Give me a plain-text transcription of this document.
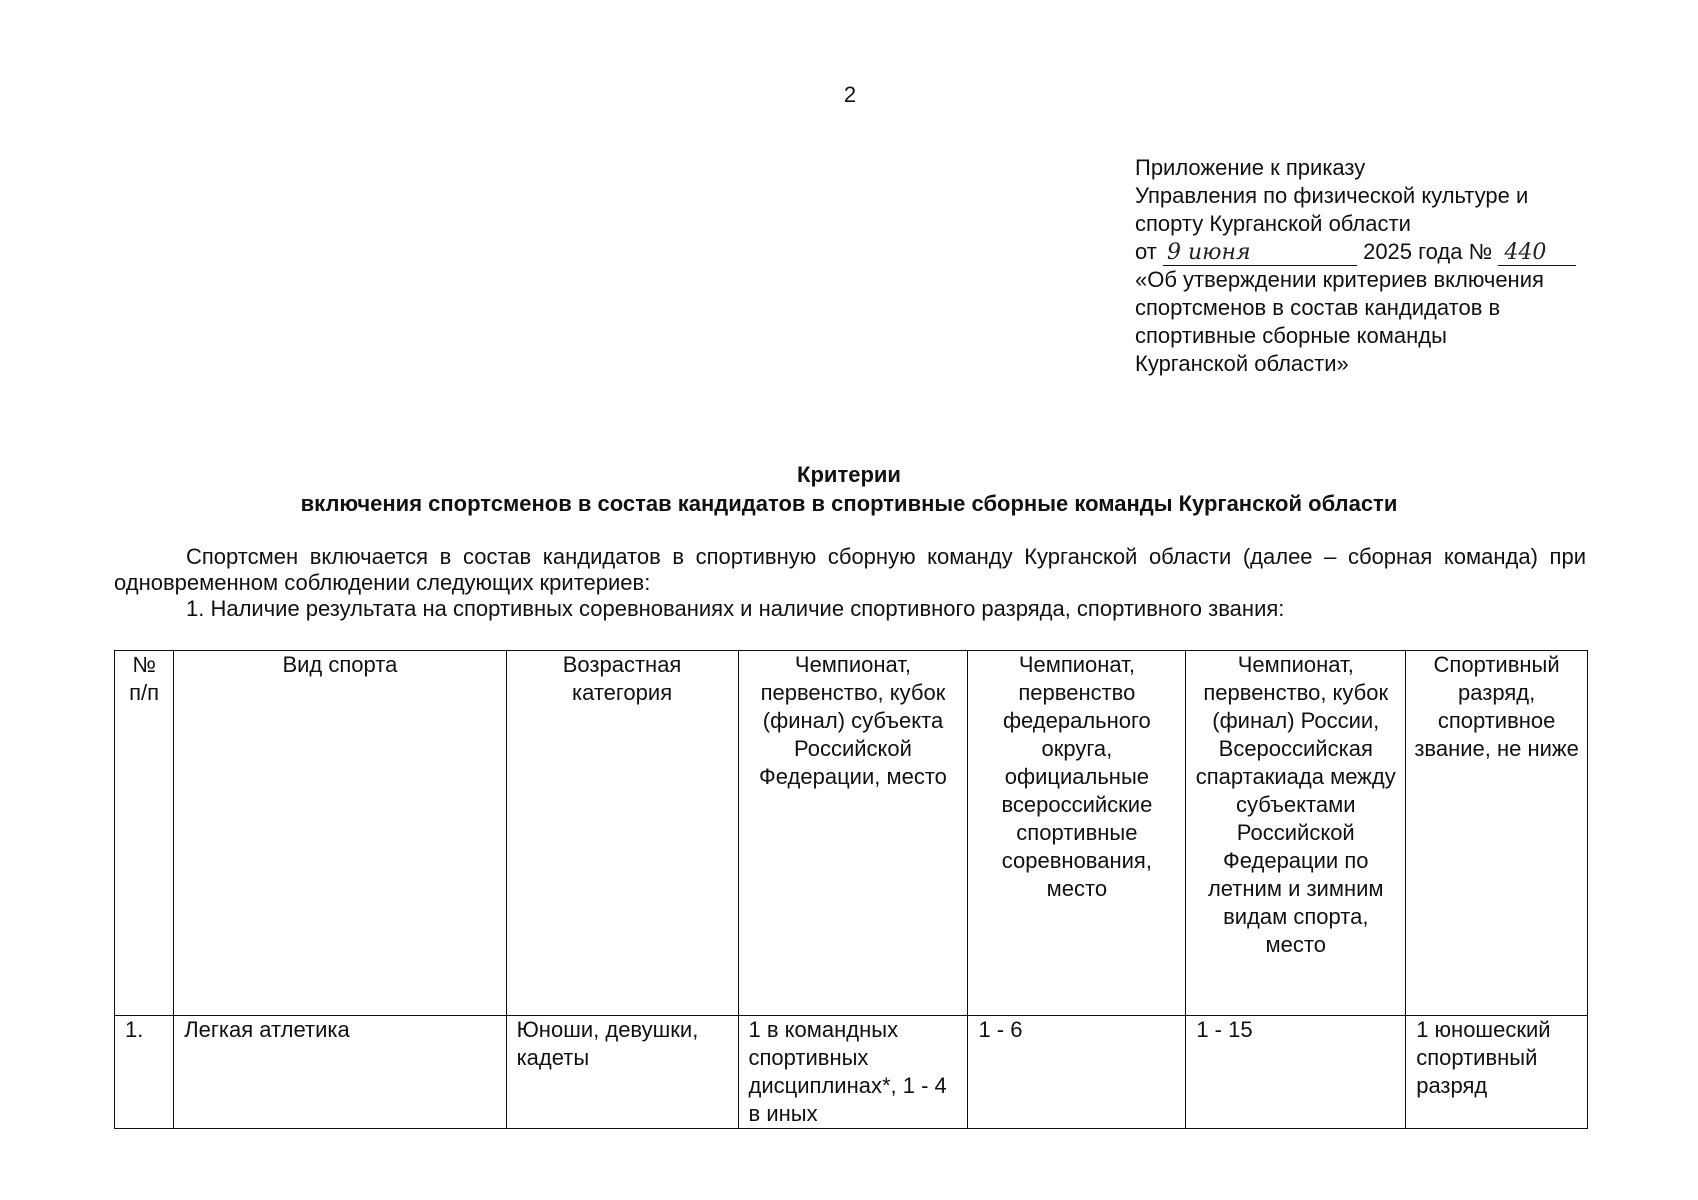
2
Приложение к приказу
Управления по физической культуре и
спорту Курганской области
от 9 июня	2025 года № 440
«Об утверждении критериев включения
спортсменов в состав кандидатов в
спортивные сборные команды
Курганской области»
Критерии
включения спортсменов в состав кандидатов в спортивные сборные команды Курганской области

Спортсмен включается в состав кандидатов в спортивную сборную команду Курганской области (далее – сборная команда) при одновременном соблюдении следующих критериев:

1. Наличие результата на спортивных соревнованиях и наличие спортивного разряда, спортивного звания:

№ п/п	Вид спорта	Возрастная категория	Чемпионат, первенство, кубок (финал) субъекта Российской Федерации, место	Чемпионат, первенство федерального округа, официальные всероссийские спортивные соревнования, место	Чемпионат, первенство, кубок (финал) России, Всероссийская спартакиада между субъектами Российской Федерации по летним и зимним видам спорта, место	Спортивный разряд, спортивное звание, не ниже
1.	Легкая атлетика	Юноши, девушки, кадеты	1 в командных спортивных дисциплинах*, 1 - 4 в иных	1 - 6	1 - 15	1 юношеский спортивный разряд
